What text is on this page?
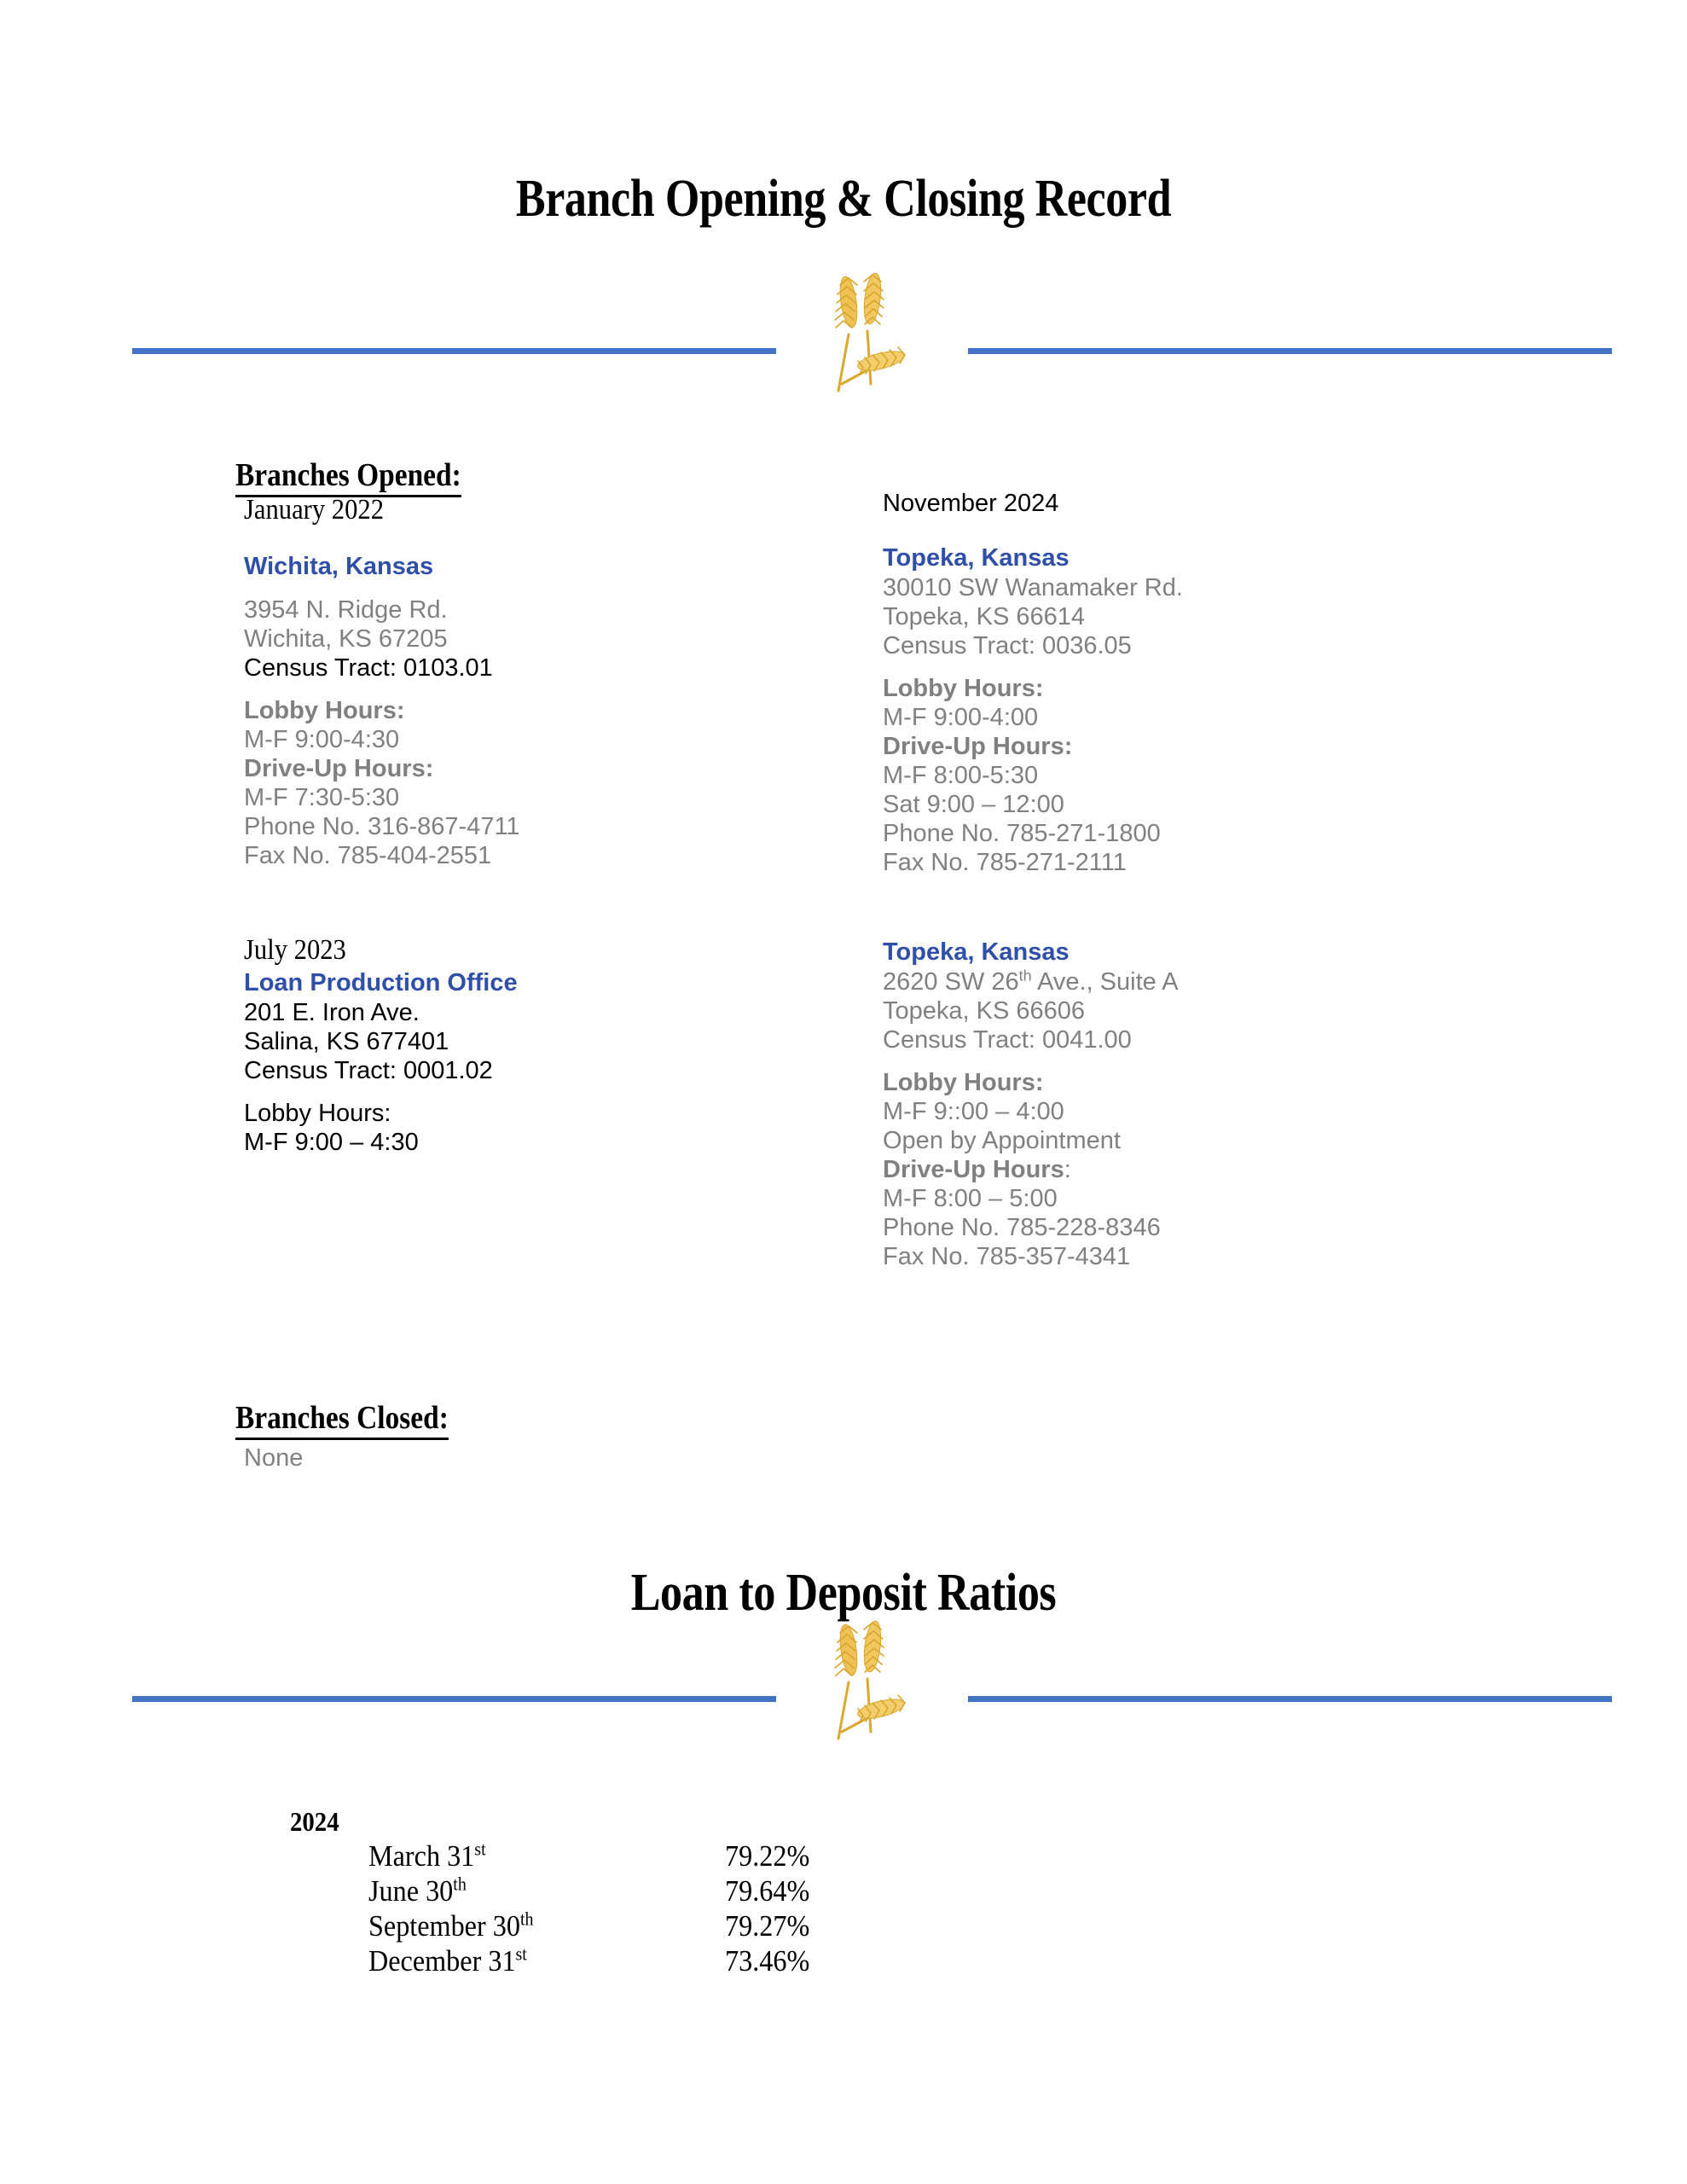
Branch Opening & Closing Record
Branches Opened:
January 2022
Wichita, Kansas
3954 N. Ridge Rd.
Wichita, KS 67205
Census Tract: 0103.01
Lobby Hours:
M-F 9:00-4:30
Drive-Up Hours:
M-F 7:30-5:30
Phone No. 316-867-4711
Fax No. 785-404-2551
July 2023
Loan Production Office
201 E. Iron Ave.
Salina, KS 677401
Census Tract: 0001.02
Lobby Hours:
M-F 9:00 – 4:30
November 2024
Topeka, Kansas
30010 SW Wanamaker Rd.
Topeka, KS 66614
Census Tract: 0036.05
Lobby Hours:
M-F 9:00-4:00
Drive-Up Hours:
M-F 8:00-5:30
Sat 9:00 – 12:00
Phone No. 785-271-1800
Fax No. 785-271-2111
Topeka, Kansas
2620 SW 26th Ave., Suite A
Topeka, KS 66606
Census Tract: 0041.00
Lobby Hours:
M-F 9::00 – 4:00
Open by Appointment
Drive-Up Hours:
M-F 8:00 – 5:00
Phone No. 785-228-8346
Fax No. 785-357-4341
Branches Closed:
None
Loan to Deposit Ratios
2024
March 31st	79.22%
June 30th	79.64%
September 30th	79.27%
December 31st	73.46%
